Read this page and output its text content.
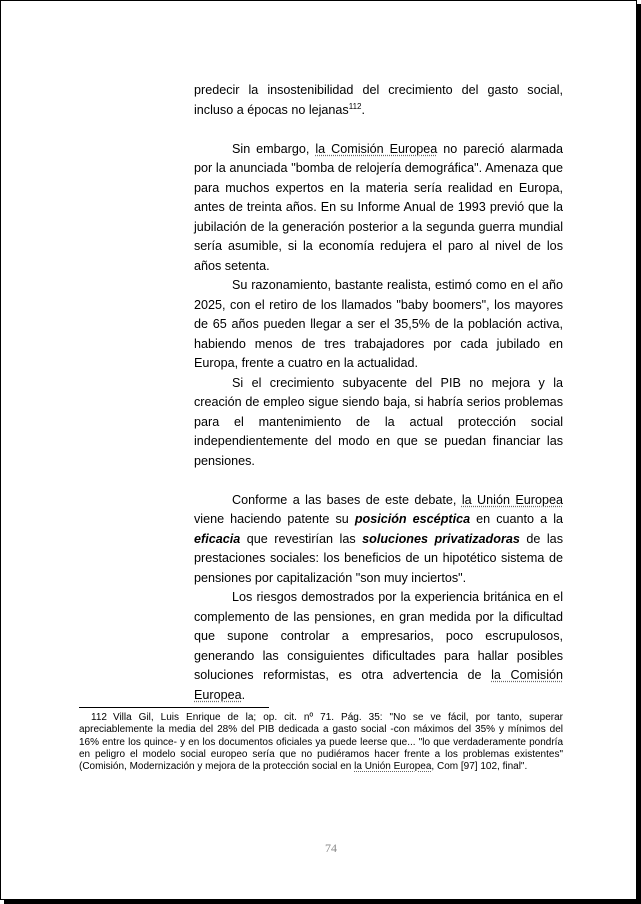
predecir la insostenibilidad del crecimiento del gasto social, incluso a épocas no lejanas$^{112}$.

Sin embargo, la Comisión Europea no pareció alarmada por la anunciada "bomba de relojería demográfica". Amenaza que para muchos expertos en la materia sería realidad en Europa, antes de treinta años. En su Informe Anual de 1993 previó que la jubilación de la generación posterior a la segunda guerra mundial sería asumible, si la economía redujera el paro al nivel de los años setenta.

Su razonamiento, bastante realista, estimó como en el año 2025, con el retiro de los llamados "baby boomers", los mayores de 65 años pueden llegar a ser el 35,5% de la población activa, habiendo menos de tres trabajadores por cada jubilado en Europa, frente a cuatro en la actualidad.

Si el crecimiento subyacente del PIB no mejora y la creación de empleo sigue siendo baja, si habría serios problemas para el mantenimiento de la actual protección social independientemente del modo en que se puedan financiar las pensiones.

Conforme a las bases de este debate, la Unión Europea viene haciendo patente su posición escéptica en cuanto a la eficacia que revestirían las soluciones privatizadoras de las prestaciones sociales: los beneficios de un hipotético sistema de pensiones por capitalización "son muy inciertos".

Los riesgos demostrados por la experiencia británica en el complemento de las pensiones, en gran medida por la dificultad que supone controlar a empresarios, poco escrupulosos, generando las consiguientes dificultades para hallar posibles soluciones reformistas, es otra advertencia de la Comisión Europea.

112 Villa Gil, Luis Enrique de la; op. cit. nº 71. Pág. 35: "No se ve fácil, por tanto, superar apreciablemente la media del 28% del PIB dedicada a gasto social -con máximos del 35% y mínimos del 16% entre los quince- y en los documentos oficiales ya puede leerse que... "lo que verdaderamente pondría en peligro el modelo social europeo sería que no pudiéramos hacer frente a los problemas existentes" (Comisión, Modernización y mejora de la protección social en la Unión Europea, Com [97] 102, final".
74
